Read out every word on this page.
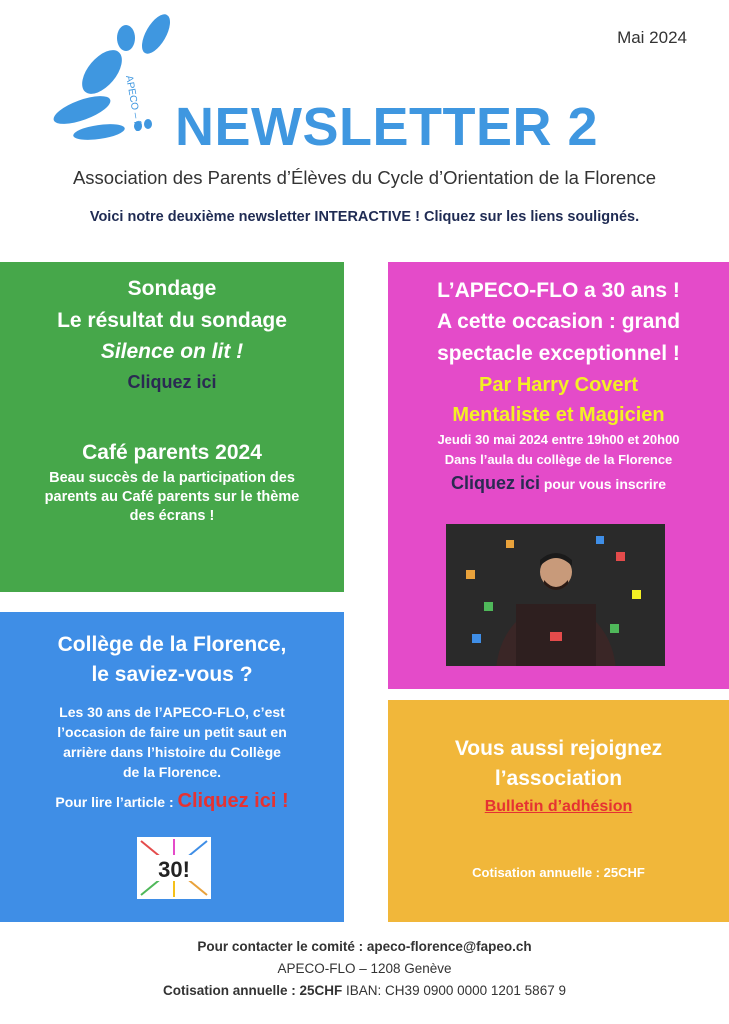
Mai 2024
APECO – flo NEWSLETTER 2
Association des Parents d’Élèves du Cycle d’Orientation de la Florence
Voici notre deuxième newsletter INTERACTIVE ! Cliquez sur les liens soulignés.
Sondage
Le résultat du sondage
Silence on lit !
Cliquez ici
Café parents 2024
Beau succès de la participation des
parents au Café parents sur le thème
des écrans !
L’APECO-FLO a 30 ans !
A cette occasion : grand
spectacle exceptionnel !
Par Harry Covert
Mentaliste et Magicien
Jeudi 30 mai 2024 entre 19h00 et 20h00
Dans l’aula du collège de la Florence
Cliquez ici pour vous inscrire
Collège de la Florence,
le saviez-vous ?
Les 30 ans de l’APECO-FLO, c’est
l’occasion de faire un petit saut en
arrière dans l’histoire du Collège
de la Florence.
Pour lire l’article : Cliquez ici !
30!
Vous aussi rejoignez
l’association
Bulletin d’adhésion
Cotisation annuelle : 25CHF
Pour contacter le comité : apeco-florence@fapeo.ch
APECO-FLO – 1208 Genève
Cotisation annuelle : 25CHF IBAN: CH39 0900 0000 1201 5867 9
